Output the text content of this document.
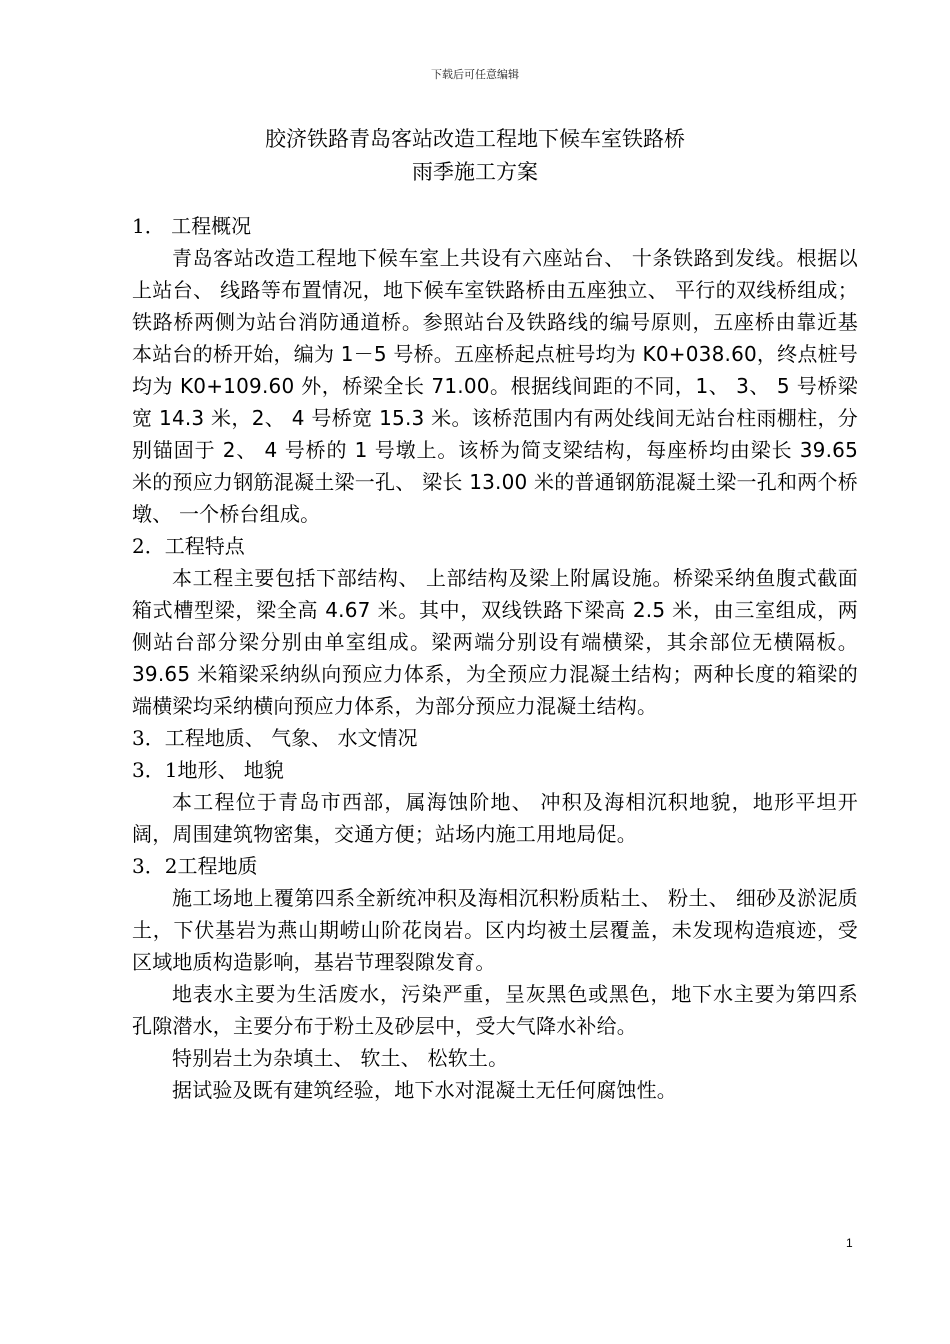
下载后可任意编辑
胶济铁路青岛客站改造工程地下候车室铁路桥
雨季施工方案
1． 工程概况
青岛客站改造工程地下候车室上共设有六座站台、 十条铁路到发线。根据以上站台、 线路等布置情况，地下候车室铁路桥由五座独立、 平行的双线桥组成；铁路桥两侧为站台消防通道桥。参照站台及铁路线的编号原则，五座桥由靠近基本站台的桥开始，编为 1－5 号桥。五座桥起点桩号均为 K0+038.60，终点桩号均为 K0+109.60 外，桥梁全长 71.00。根据线间距的不同，1、 3、 5 号桥梁宽 14.3 米，2、 4 号桥宽 15.3 米。该桥范围内有两处线间无站台柱雨棚柱，分别锚固于 2、 4 号桥的 1 号墩上。该桥为简支梁结构，每座桥均由梁长 39.65 米的预应力钢筋混凝土梁一孔、 梁长 13.00 米的普通钢筋混凝土梁一孔和两个桥墩、 一个桥台组成。
2．工程特点
本工程主要包括下部结构、 上部结构及梁上附属设施。桥梁采纳鱼腹式截面箱式槽型梁，梁全高 4.67 米。其中，双线铁路下梁高 2.5 米，由三室组成，两侧站台部分梁分别由单室组成。梁两端分别设有端横梁，其余部位无横隔板。39.65 米箱梁采纳纵向预应力体系，为全预应力混凝土结构；两种长度的箱梁的端横梁均采纳横向预应力体系，为部分预应力混凝土结构。
3．工程地质、 气象、 水文情况
3．1地形、 地貌
本工程位于青岛市西部，属海蚀阶地、 冲积及海相沉积地貌，地形平坦开阔，周围建筑物密集，交通方便；站场内施工用地局促。
3．2工程地质
施工场地上覆第四系全新统冲积及海相沉积粉质粘土、 粉土、 细砂及淤泥质土，下伏基岩为燕山期崂山阶花岗岩。区内均被土层覆盖，未发现构造痕迹，受区域地质构造影响，基岩节理裂隙发育。
地表水主要为生活废水，污染严重，呈灰黑色或黑色，地下水主要为第四系孔隙潜水，主要分布于粉土及砂层中，受大气降水补给。
特别岩土为杂填土、 软土、 松软土。
据试验及既有建筑经验，地下水对混凝土无任何腐蚀性。
1
